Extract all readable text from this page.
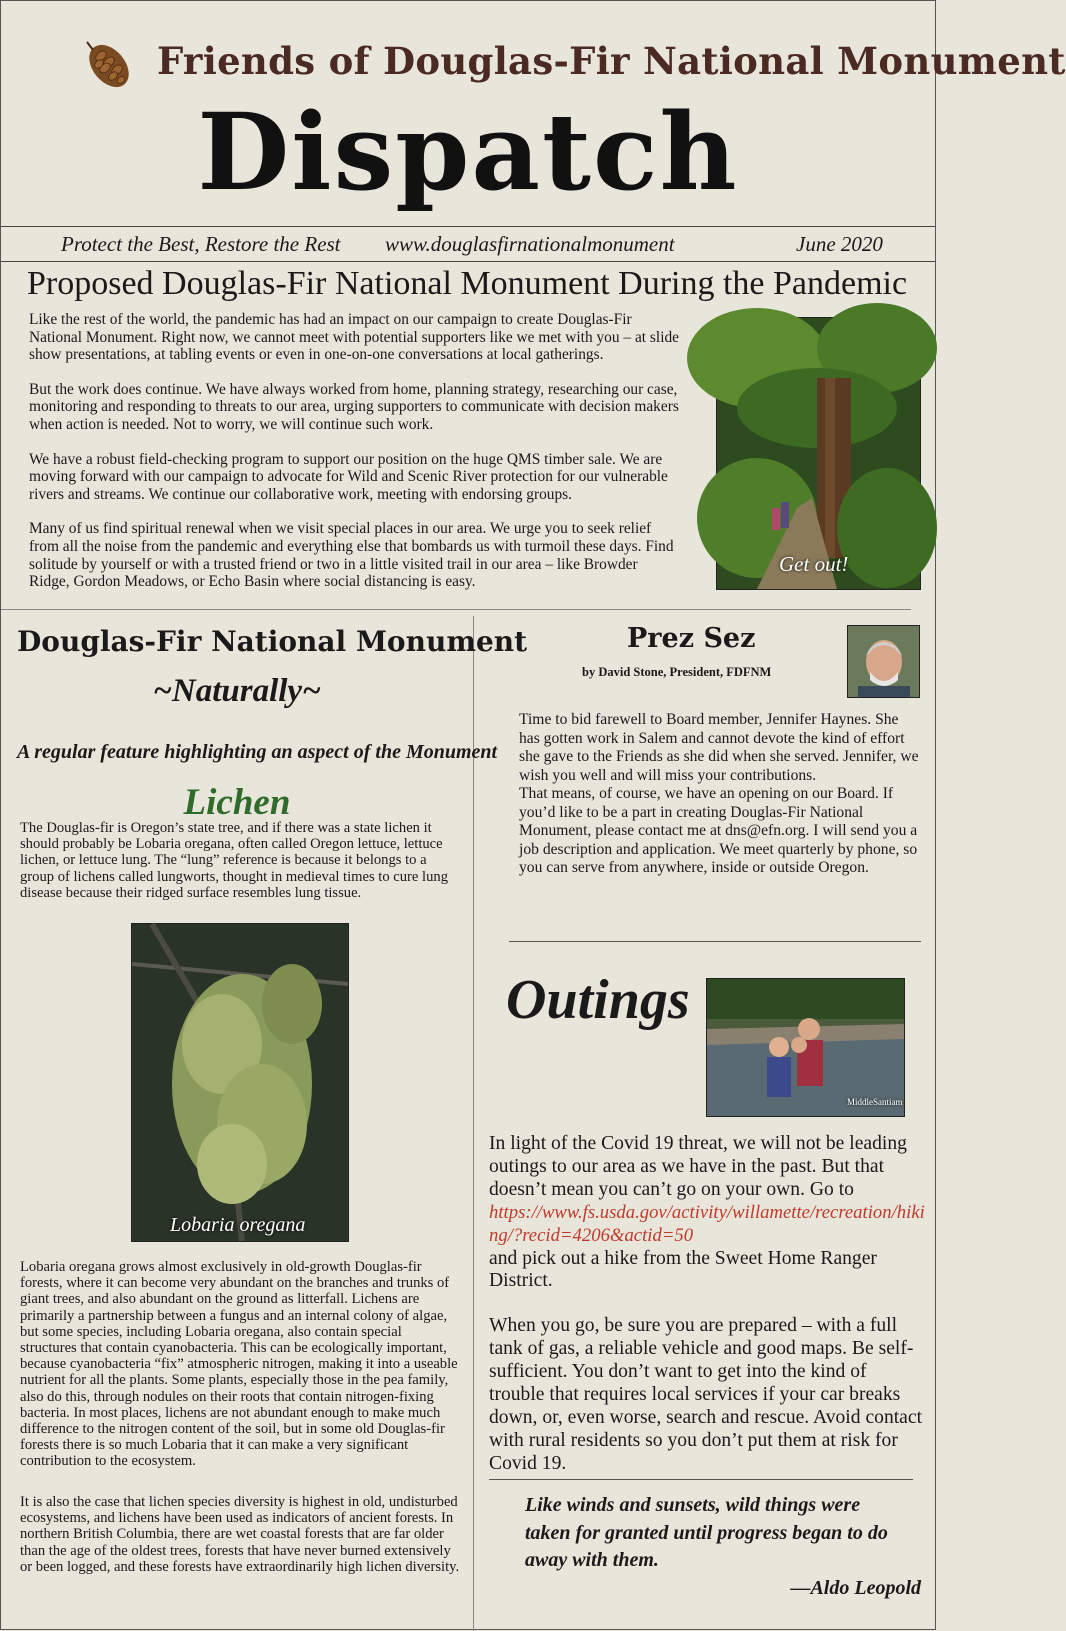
Friends of Douglas-Fir National Monument
Dispatch
Protect the Best, Restore the Rest www.douglasfirnationalmonument	June 2020
Proposed Douglas-Fir National Monument During the Pandemic

Like the rest of the world, the pandemic has had an impact on our campaign to create Douglas-Fir National Monument. Right now, we cannot meet with potential supporters like we met with you – at slide show presentations, at tabling events or even in one-on-one conversations at local gatherings.

But the work does continue. We have always worked from home, planning strategy, researching our case, monitoring and responding to threats to our area, urging supporters to communicate with decision makers when action is needed. Not to worry, we will continue such work.

We have a robust field-checking program to support our position on the huge QMS timber sale. We are moving forward with our campaign to advocate for Wild and Scenic River protection for our vulnerable rivers and streams. We continue our collaborative work, meeting with endorsing groups.

Many of us find spiritual renewal when we visit special places in our area. We urge you to seek relief from all the noise from the pandemic and everything else that bombards us with turmoil these days. Find solitude by yourself or with a trusted friend or two in a little visited trail in our area – like Browder Ridge, Gordon Meadows, or Echo Basin where social distancing is easy.

Get out!
Douglas-Fir National Monument
~Naturally~
A regular feature highlighting an aspect of the Monument
Lichen
The Douglas-fir is Oregon’s state tree, and if there was a state lichen it should probably be Lobaria oregana, often called Oregon lettuce, lettuce lichen, or lettuce lung. The “lung” reference is because it belongs to a group of lichens called lungworts, thought in medieval times to cure lung disease because their ridged surface resembles lung tissue.
Lobaria oregana
Lobaria oregana grows almost exclusively in old-growth Douglas-fir forests, where it can become very abundant on the branches and trunks of giant trees, and also abundant on the ground as litterfall. Lichens are primarily a partnership between a fungus and an internal colony of algae, but some species, including Lobaria oregana, also contain special structures that contain cyanobacteria. This can be ecologically important, because cyanobacteria “fix” atmospheric nitrogen, making it into a useable nutrient for all the plants. Some plants, especially those in the pea family, also do this, through nodules on their roots that contain nitrogen-fixing bacteria. In most places, lichens are not abundant enough to make much difference to the nitrogen content of the soil, but in some old Douglas-fir forests there is so much Lobaria that it can make a very significant contribution to the ecosystem.
It is also the case that lichen species diversity is highest in old, undisturbed ecosystems, and lichens have been used as indicators of ancient forests. In northern British Columbia, there are wet coastal forests that are far older than the age of the oldest trees, forests that have never burned extensively or been logged, and these forests have extraordinarily high lichen diversity.
Prez Sez
by David Stone, President, FDFNM
Time to bid farewell to Board member, Jennifer Haynes. She has gotten work in Salem and cannot devote the kind of effort she gave to the Friends as she did when she served. Jennifer, we wish you well and will miss your contributions.
That means, of course, we have an opening on our Board. If you’d like to be a part in creating Douglas-Fir National Monument, please contact me at dns@efn.org. I will send you a job description and application. We meet quarterly by phone, so you can serve from anywhere, inside or outside Oregon.
Outings
MiddleSantiam

In light of the Covid 19 threat, we will not be leading outings to our area as we have in the past. But that doesn’t mean you can’t go on your own. Go to
https://www.fs.usda.gov/activity/willamette/recreation/hiking/?recid=4206&actid=50
and pick out a hike from the Sweet Home Ranger District.

When you go, be sure you are prepared – with a full tank of gas, a reliable vehicle and good maps. Be self-sufficient. You don’t want to get into the kind of trouble that requires local services if your car breaks down, or, even worse, search and rescue. Avoid contact with rural residents so you don’t put them at risk for Covid 19.

Like winds and sunsets, wild things were taken for granted until progress began to do away with them.
—Aldo Leopold
